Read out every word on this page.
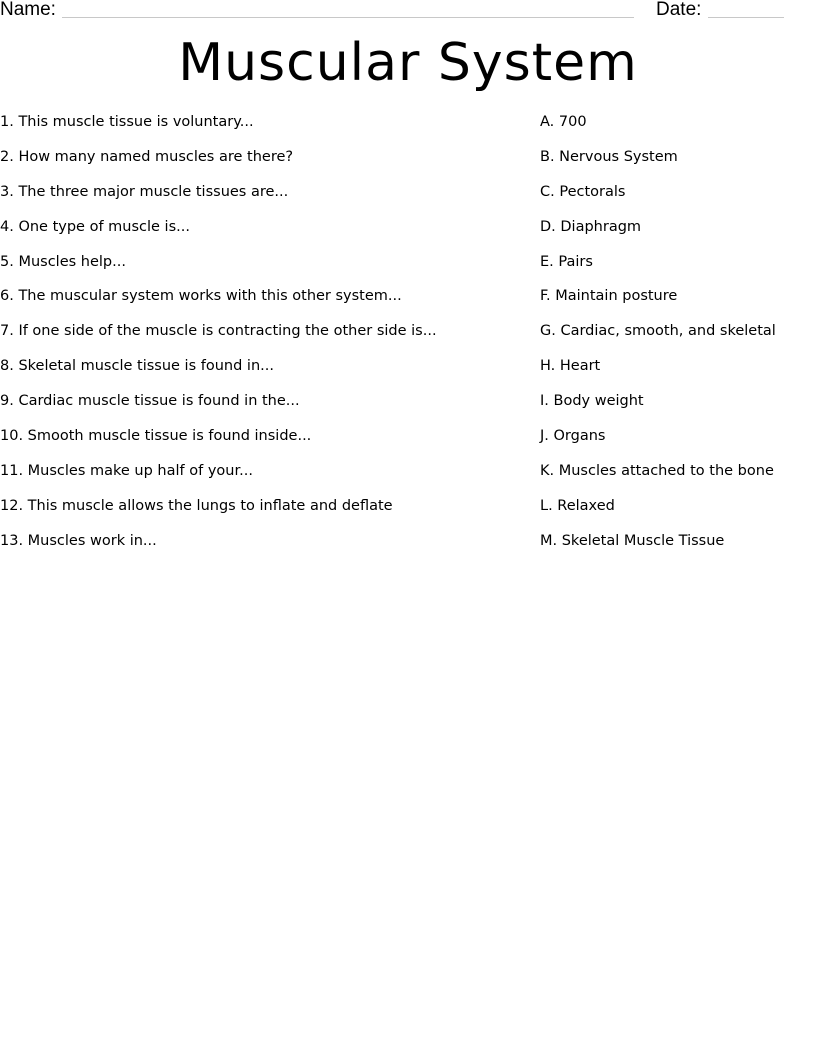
Name:	Date:
Muscular System
1. This muscle tissue is voluntary...
2. How many named muscles are there?
3. The three major muscle tissues are...
4. One type of muscle is...
5. Muscles help...
6. The muscular system works with this other system...
7. If one side of the muscle is contracting the other side is...
8. Skeletal muscle tissue is found in...
9. Cardiac muscle tissue is found in the...
10. Smooth muscle tissue is found inside...
11. Muscles make up half of your...
12. This muscle allows the lungs to inflate and deflate
13. Muscles work in...
A. 700
B. Nervous System
C. Pectorals
D. Diaphragm
E. Pairs
F. Maintain posture
G. Cardiac, smooth, and skeletal
H. Heart
I. Body weight
J. Organs
K. Muscles attached to the bone
L. Relaxed
M. Skeletal Muscle Tissue
